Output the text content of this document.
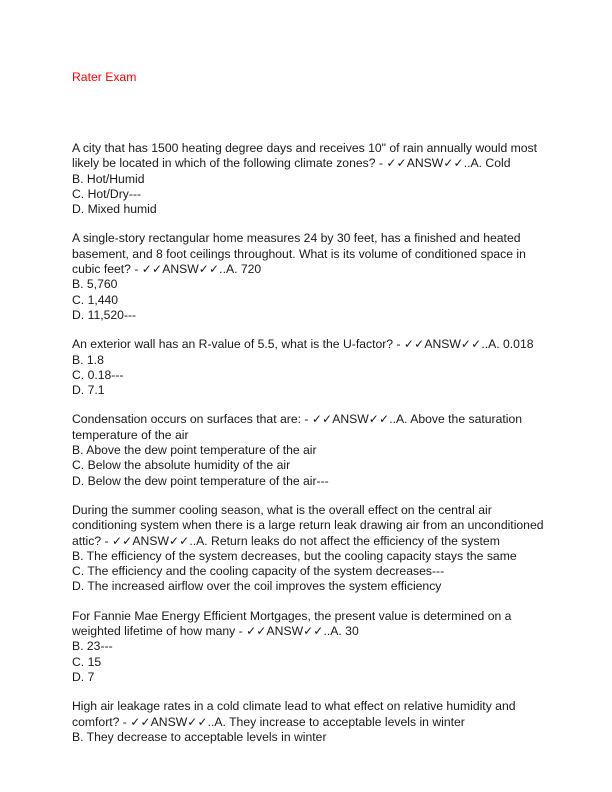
Rater Exam

A city that has 1500 heating degree days and receives 10" of rain annually would most

likely be located in which of the following climate zones? - ✓✓ANSW✓✓..A. Cold

B. Hot/Humid

C. Hot/Dry---

D. Mixed humid

A single-story rectangular home measures 24 by 30 feet, has a finished and heated

basement, and 8 foot ceilings throughout. What is its volume of conditioned space in

cubic feet? - ✓✓ANSW✓✓..A. 720

B. 5,760

C. 1,440

D. 11,520---

An exterior wall has an R-value of 5.5, what is the U-factor? - ✓✓ANSW✓✓..A. 0.018

B. 1.8

C. 0.18---

D. 7.1

Condensation occurs on surfaces that are: - ✓✓ANSW✓✓..A. Above the saturation

temperature of the air

B. Above the dew point temperature of the air

C. Below the absolute humidity of the air

D. Below the dew point temperature of the air---

During the summer cooling season, what is the overall effect on the central air

conditioning system when there is a large return leak drawing air from an unconditioned

attic? - ✓✓ANSW✓✓..A. Return leaks do not affect the efficiency of the system

B. The efficiency of the system decreases, but the cooling capacity stays the same

C. The efficiency and the cooling capacity of the system decreases---

D. The increased airflow over the coil improves the system efficiency

For Fannie Mae Energy Efficient Mortgages, the present value is determined on a

weighted lifetime of how many - ✓✓ANSW✓✓..A. 30

B. 23---

C. 15

D. 7

High air leakage rates in a cold climate lead to what effect on relative humidity and

comfort? - ✓✓ANSW✓✓..A. They increase to acceptable levels in winter

B. They decrease to acceptable levels in winter
